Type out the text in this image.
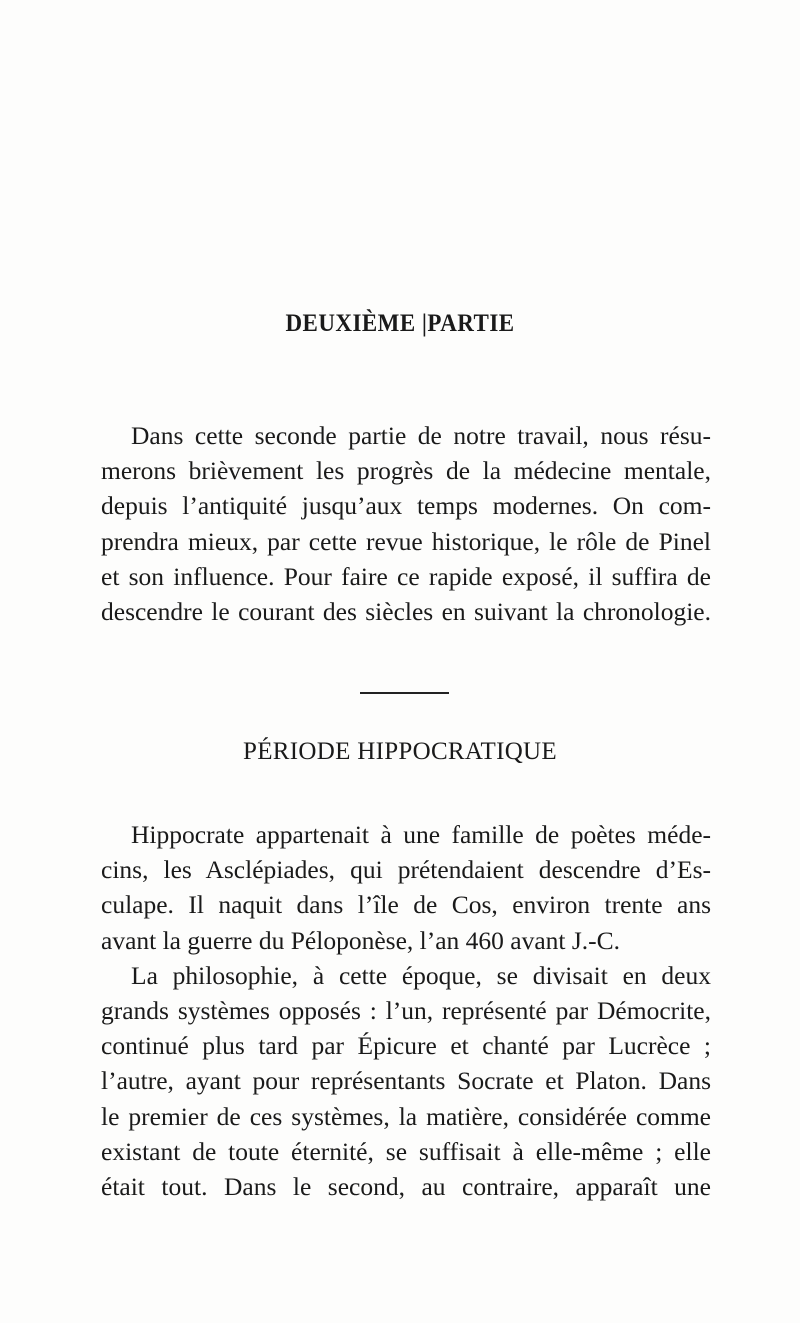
DEUXIÈME |PARTIE
Dans cette seconde partie de notre travail, nous résu-
merons brièvement les progrès de la médecine mentale,
depuis l’antiquité jusqu’aux temps modernes. On com-
prendra mieux, par cette revue historique, le rôle de Pinel
et son influence. Pour faire ce rapide exposé, il suffira de
descendre le courant des siècles en suivant la chronologie.
PÉRIODE HIPPOCRATIQUE
Hippocrate appartenait à une famille de poètes méde-
cins, les Asclépiades, qui prétendaient descendre d’Es-
culape. Il naquit dans l’île de Cos, environ trente ans
avant la guerre du Péloponèse, l’an 460 avant J.-C.
La philosophie, à cette époque, se divisait en deux
grands systèmes opposés : l’un, représenté par Démocrite,
continué plus tard par Épicure et chanté par Lucrèce ;
l’autre, ayant pour représentants Socrate et Platon. Dans
le premier de ces systèmes, la matière, considérée comme
existant de toute éternité, se suffisait à elle-même ; elle
était tout. Dans le second, au contraire, apparaît une
